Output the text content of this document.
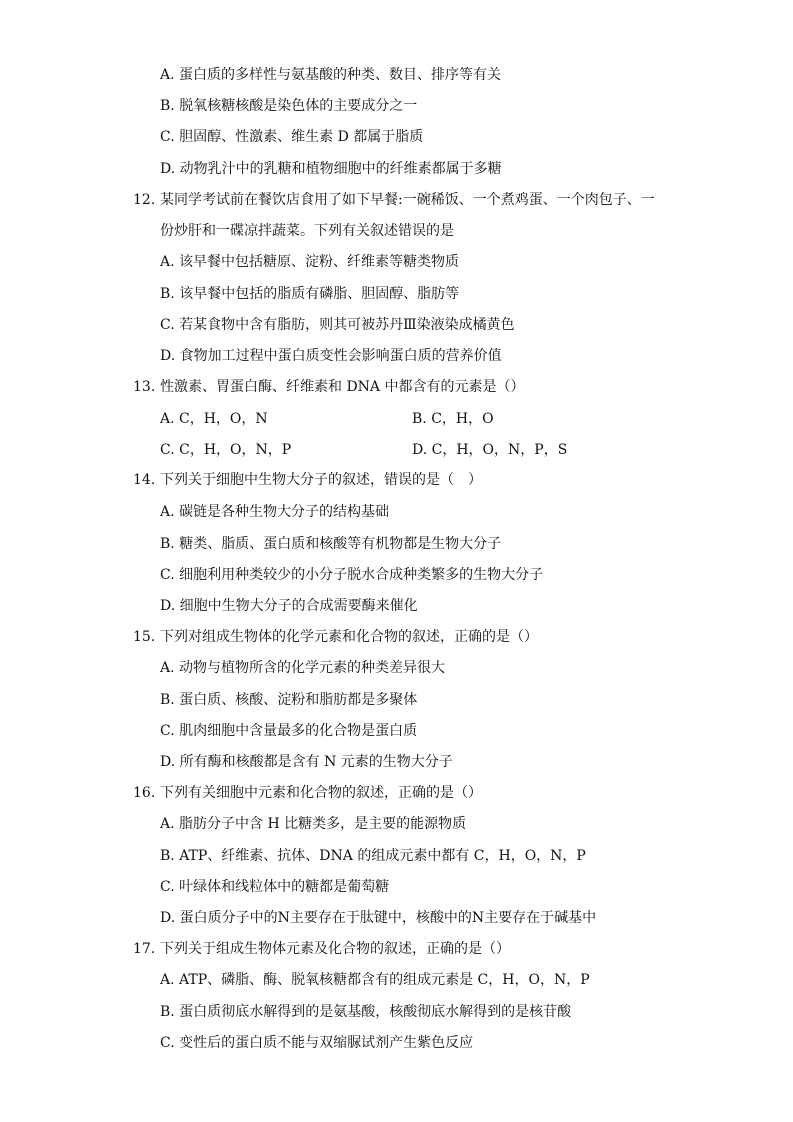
A. 蛋白质的多样性与氨基酸的种类、数目、排序等有关
B. 脱氧核糖核酸是染色体的主要成分之一
C. 胆固醇、性激素、维生素 D 都属于脂质
D. 动物乳汁中的乳糖和植物细胞中的纤维素都属于多糖
12. 某同学考试前在餐饮店食用了如下早餐:一碗稀饭、一个煮鸡蛋、一个肉包子、一
份炒肝和一碟凉拌蔬菜。下列有关叙述错误的是
A. 该早餐中包括糖原、淀粉、纤维素等糖类物质
B. 该早餐中包括的脂质有磷脂、胆固醇、脂肪等
C. 若某食物中含有脂肪，则其可被苏丹Ⅲ染液染成橘黄色
D. 食物加工过程中蛋白质变性会影响蛋白质的营养价值
13. 性激素、胃蛋白酶、纤维素和 DNA 中都含有的元素是（）
A. C，H，O，N	B. C，H，O
C. C，H，O，N，P	D. C，H，O，N，P，S
14. 下列关于细胞中生物大分子的叙述，错误的是（　）
A. 碳链是各种生物大分子的结构基础
B. 糖类、脂质、蛋白质和核酸等有机物都是生物大分子
C. 细胞利用种类较少的小分子脱水合成种类繁多的生物大分子
D. 细胞中生物大分子的合成需要酶来催化
15. 下列对组成生物体的化学元素和化合物的叙述，正确的是（）
A. 动物与植物所含的化学元素的种类差异很大
B. 蛋白质、核酸、淀粉和脂肪都是多聚体
C. 肌肉细胞中含量最多的化合物是蛋白质
D. 所有酶和核酸都是含有 N 元素的生物大分子
16. 下列有关细胞中元素和化合物的叙述，正确的是（）
A. 脂肪分子中含 H 比糖类多，是主要的能源物质
B. ATP、纤维素、抗体、DNA 的组成元素中都有 C，H，O，N，P
C. 叶绿体和线粒体中的糖都是葡萄糖
D. 蛋白质分子中的N主要存在于肽键中，核酸中的N主要存在于碱基中
17. 下列关于组成生物体元素及化合物的叙述，正确的是（）
A. ATP、磷脂、酶、脱氧核糖都含有的组成元素是 C，H，O，N，P
B. 蛋白质彻底水解得到的是氨基酸，核酸彻底水解得到的是核苷酸
C. 变性后的蛋白质不能与双缩脲试剂产生紫色反应
